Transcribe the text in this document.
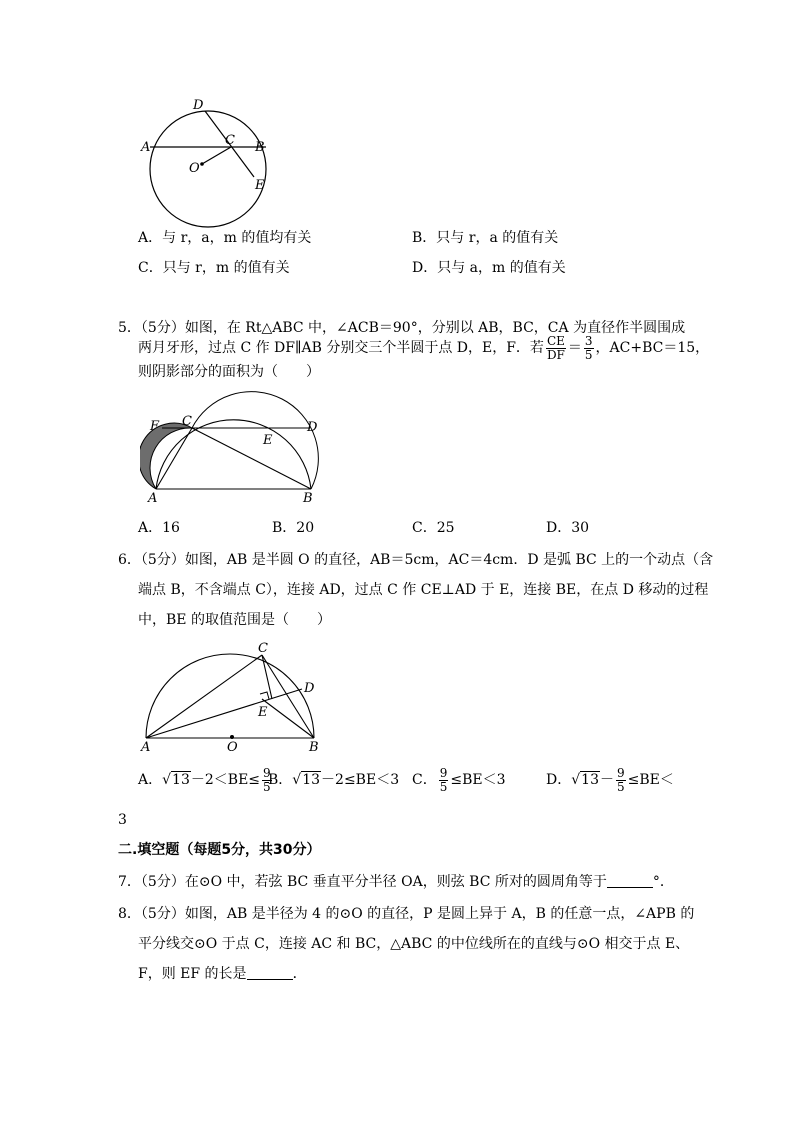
D
A	C B
O
E
A．与 r，a，m 的值均有关	B．只与 r，a 的值有关
C．只与 r，m 的值有关	D．只与 a，m 的值有关
5．（5分）如图，在 Rt△ABC 中，∠ACB＝90°，分别以 AB，BC，CA 为直径作半圆围成
两月牙形，过点 C 作 DF∥AB 分别交三个半圆于点 D，E，F．若 $\frac{CE}{DF} = \frac{3}{5}$ ，AC+BC＝15，
则阴影部分的面积为（　　）
F C
E
D
A	B
A．16	B．20	C．25	D．30
6．（5分）如图，AB 是半圆 O 的直径，AB＝5cm，AC＝4cm．D 是弧 BC 上的一个动点（含
端点 B，不含端点 C），连接 AD，过点 C 作 CE⊥AD 于 E，连接 BE，在点 D 移动的过程
中，BE 的取值范围是（　　）
C
D
E
A	O	B
A．$√13-2<BE\le \frac{9}{5}$
B．√13－2≤BE＜3 C． $\frac{9}{5} \le BE<3$	D．$√13- \frac{9}{5} \le BE<$
3
二.填空题（每题5分，共30分）
7．（5分）在⊙O 中，若弦 BC 垂直平分半径 OA，则弦 BC 所对的圆周角等于	°．
8．（5分）如图，AB 是半径为 4 的⊙O 的直径，P 是圆上异于 A，B 的任意一点，∠APB 的
平分线交⊙O 于点 C，连接 AC 和 BC，△ABC 的中位线所在的直线与⊙O 相交于点 E、
F，则 EF 的长是	．
